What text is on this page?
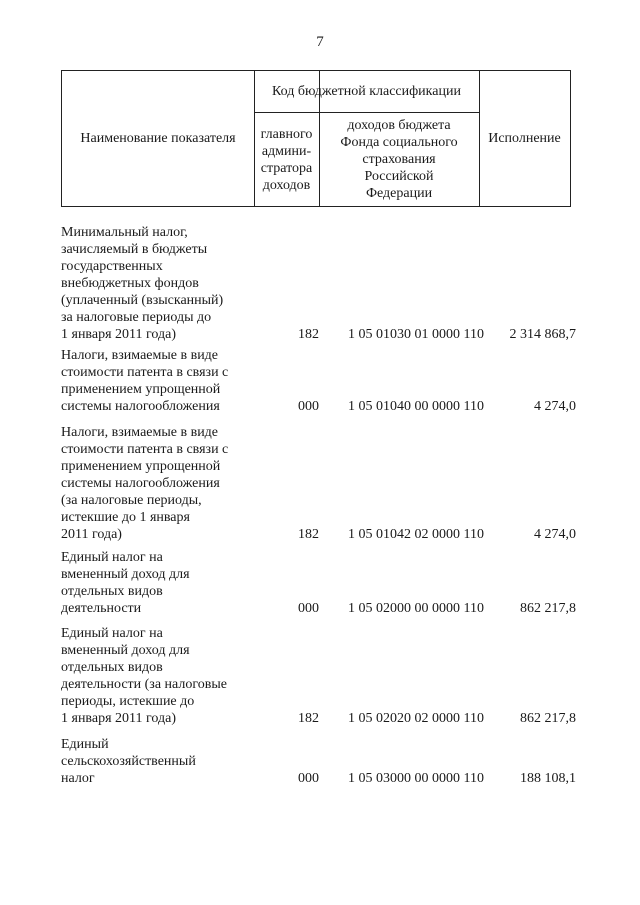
7
Наименование показателя
Код бюджетной классификации
главного
админи-
стратора
доходов
доходов бюджета
Фонда социального
страхования
Российской
Федерации
Исполнение
Минимальный налог,
зачисляемый в бюджеты
государственных
внебюджетных фондов
(уплаченный (взысканный)
за налоговые периоды до
1 января 2011 года)	182	1 05 01030 01 0000 110	2 314 868,7
Налоги, взимаемые в виде
стоимости патента в связи с
применением упрощенной
системы налогообложения	000	1 05 01040 00 0000 110	4 274,0
Налоги, взимаемые в виде
стоимости патента в связи с
применением упрощенной
системы налогообложения
(за налоговые периоды,
истекшие до 1 января
2011 года)	182	1 05 01042 02 0000 110	4 274,0
Единый налог на
вмененный доход для
отдельных видов
деятельности	000	1 05 02000 00 0000 110	862 217,8
Единый налог на
вмененный доход для
отдельных видов
деятельности (за налоговые
периоды, истекшие до
1 января 2011 года)	182	1 05 02020 02 0000 110	862 217,8
Единый
сельскохозяйственный
налог	000	1 05 03000 00 0000 110	188 108,1
